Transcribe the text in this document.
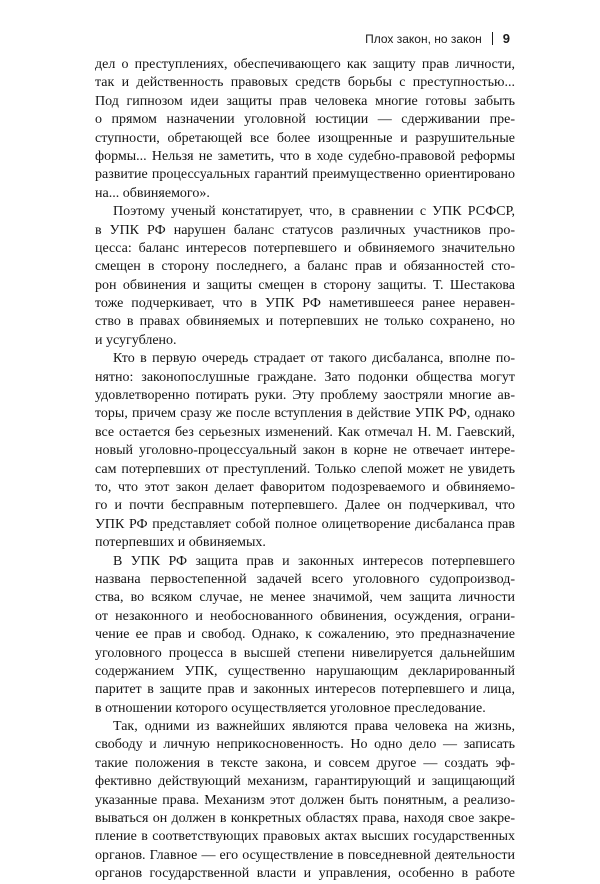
Плох закон, но закон 9
дел о преступлениях, обеспечивающего как защиту прав личности,
так и действенность правовых средств борьбы с преступностью...
Под гипнозом идеи защиты прав человека многие готовы забыть
о прямом назначении уголовной юстиции — сдерживании пре-
ступности, обретающей все более изощренные и разрушительные
формы... Нельзя не заметить, что в ходе судебно-правовой реформы
развитие процессуальных гарантий преимущественно ориентировано
на... обвиняемого».
Поэтому ученый констатирует, что, в сравнении с УПК РСФСР,
в УПК РФ нарушен баланс статусов различных участников про-
цесса: баланс интересов потерпевшего и обвиняемого значительно
смещен в сторону последнего, а баланс прав и обязанностей сто-
рон обвинения и защиты смещен в сторону защиты. Т. Шестакова
тоже подчеркивает, что в УПК РФ наметившееся ранее неравен-
ство в правах обвиняемых и потерпевших не только сохранено, но
и усугублено.
Кто в первую очередь страдает от такого дисбаланса, вполне по-
нятно: законопослушные граждане. Зато подонки общества могут
удовлетворенно потирать руки. Эту проблему заостряли многие ав-
торы, причем сразу же после вступления в действие УПК РФ, однако
все остается без серьезных изменений. Как отмечал Н. М. Гаевский,
новый уголовно-процессуальный закон в корне не отвечает интере-
сам потерпевших от преступлений. Только слепой может не увидеть
то, что этот закон делает фаворитом подозреваемого и обвиняемо-
го и почти бесправным потерпевшего. Далее он подчеркивал, что
УПК РФ представляет собой полное олицетворение дисбаланса прав
потерпевших и обвиняемых.
В УПК РФ защита прав и законных интересов потерпевшего
названа первостепенной задачей всего уголовного судопроизвод-
ства, во всяком случае, не менее значимой, чем защита личности
от незаконного и необоснованного обвинения, осуждения, ограни-
чение ее прав и свобод. Однако, к сожалению, это предназначение
уголовного процесса в высшей степени нивелируется дальнейшим
содержанием УПК, существенно нарушающим декларированный
паритет в защите прав и законных интересов потерпевшего и лица,
в отношении которого осуществляется уголовное преследование.
Так, одними из важнейших являются права человека на жизнь,
свободу и личную неприкосновенность. Но одно дело — записать
такие положения в тексте закона, и совсем другое — создать эф-
фективно действующий механизм, гарантирующий и защищающий
указанные права. Механизм этот должен быть понятным, а реализо-
вываться он должен в конкретных областях права, находя свое закре-
пление в соответствующих правовых актах высших государственных
органов. Главное — его осуществление в повседневной деятельности
органов государственной власти и управления, особенно в работе
